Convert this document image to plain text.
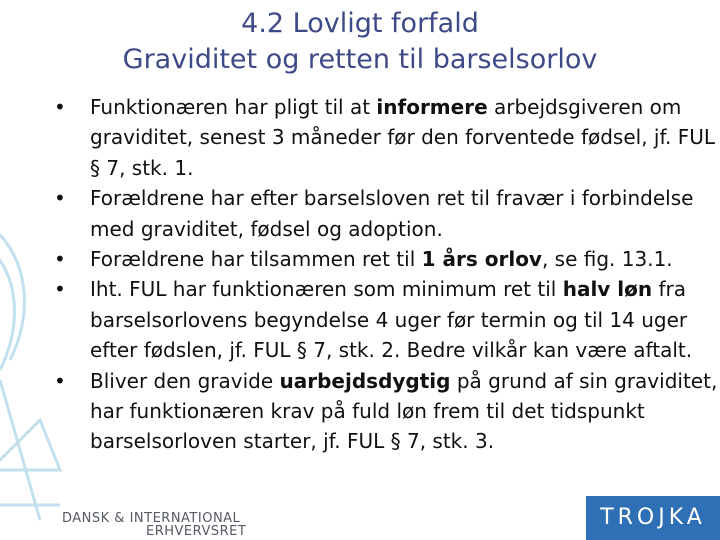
4.2 Lovligt forfald
Graviditet og retten til barselsorlov
• Funktionæren har pligt til at informere arbejdsgiveren om graviditet, senest 3 måneder før den forventede fødsel, jf. FUL § 7, stk. 1.
• Forældrene har efter barselsloven ret til fravær i forbindelse med graviditet, fødsel og adoption.
• Forældrene har tilsammen ret til 1 års orlov, se fig. 13.1.
• Iht. FUL har funktionæren som minimum ret til halv løn fra barselsorlovens begyndelse 4 uger før termin og til 14 uger efter fødslen, jf. FUL § 7, stk. 2. Bedre vilkår kan være aftalt.
• Bliver den gravide uarbejdsdygtig på grund af sin graviditet, har funktionæren krav på fuld løn frem til det tidspunkt barselsorloven starter, jf. FUL § 7, stk. 3.
DANSK & INTERNATIONAL
ERHVERVSRET
TROJKA
